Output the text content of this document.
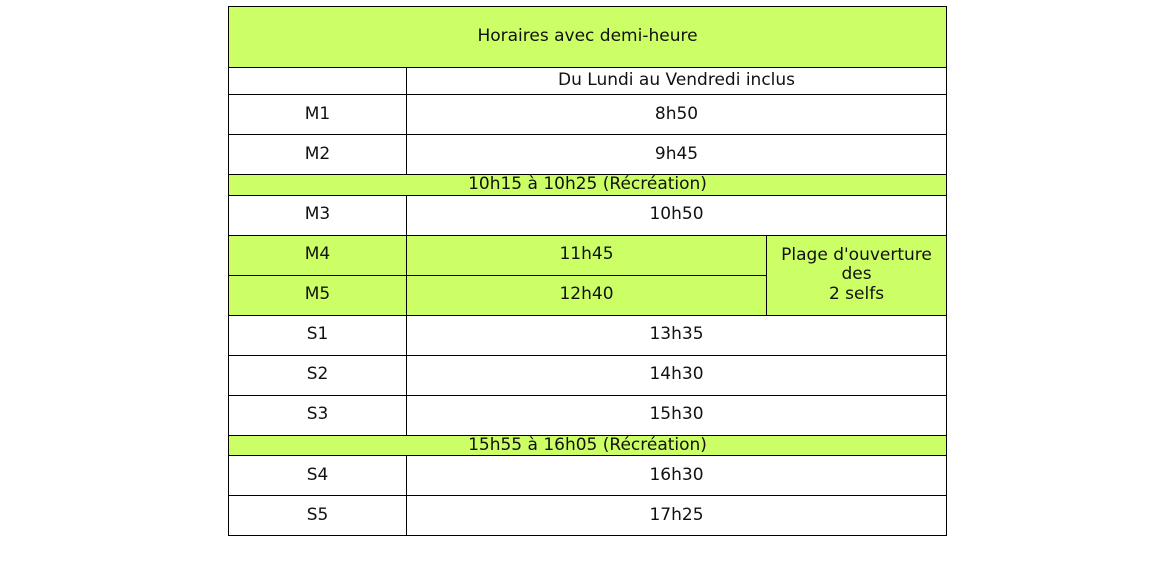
Horaires avec demi-heure		
	Du Lundi au Vendredi inclus	
M1	8h50	
M2	9h45	
10h15 à 10h25 (Récréation)		
M3	10h50	
M4	11h45	Plage d'ouverture des
2 selfs
M5	12h40	
S1	13h35	
S2	14h30	
S3	15h30	
15h55 à 16h05 (Récréation)		
S4	16h30	
S5	17h25	
